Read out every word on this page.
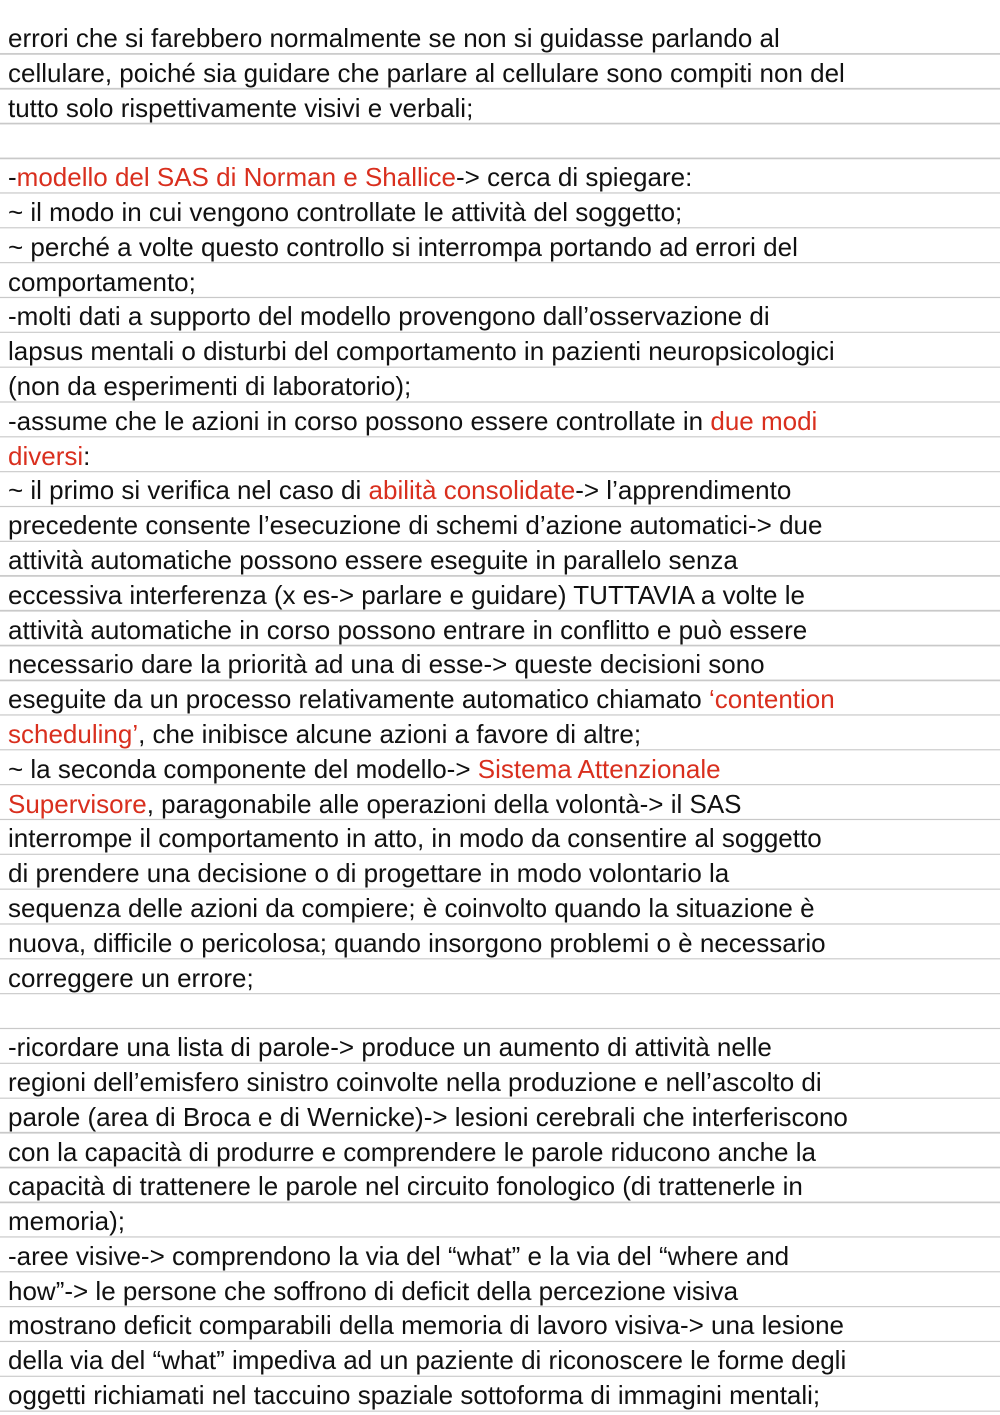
errori che si farebbero normalmente se non si guidasse parlando al
cellulare, poiché sia guidare che parlare al cellulare sono compiti non del
tutto solo rispettivamente visivi e verbali;
-modello del SAS di Norman e Shallice-> cerca di spiegare:
~ il modo in cui vengono controllate le attività del soggetto;
~ perché a volte questo controllo si interrompa portando ad errori del
comportamento;
-molti dati a supporto del modello provengono dall’osservazione di
lapsus mentali o disturbi del comportamento in pazienti neuropsicologici
(non da esperimenti di laboratorio);
-assume che le azioni in corso possono essere controllate in due modi
diversi:
~ il primo si verifica nel caso di abilità consolidate-> l’apprendimento
precedente consente l’esecuzione di schemi d’azione automatici-> due
attività automatiche possono essere eseguite in parallelo senza
eccessiva interferenza (x es-> parlare e guidare) TUTTAVIA a volte le
attività automatiche in corso possono entrare in conflitto e può essere
necessario dare la priorità ad una di esse-> queste decisioni sono
eseguite da un processo relativamente automatico chiamato ‘contention
scheduling’, che inibisce alcune azioni a favore di altre;
~ la seconda componente del modello-> Sistema Attenzionale
Supervisore, paragonabile alle operazioni della volontà-> il SAS
interrompe il comportamento in atto, in modo da consentire al soggetto
di prendere una decisione o di progettare in modo volontario la
sequenza delle azioni da compiere; è coinvolto quando la situazione è
nuova, difficile o pericolosa; quando insorgono problemi o è necessario
correggere un errore;
-ricordare una lista di parole-> produce un aumento di attività nelle
regioni dell’emisfero sinistro coinvolte nella produzione e nell’ascolto di
parole (area di Broca e di Wernicke)-> lesioni cerebrali che interferiscono
con la capacità di produrre e comprendere le parole riducono anche la
capacità di trattenere le parole nel circuito fonologico (di trattenerle in
memoria);
-aree visive-> comprendono la via del “what” e la via del “where and
how”-> le persone che soffrono di deficit della percezione visiva
mostrano deficit comparabili della memoria di lavoro visiva-> una lesione
della via del “what” impediva ad un paziente di riconoscere le forme degli
oggetti richiamati nel taccuino spaziale sottoforma di immagini mentali;
